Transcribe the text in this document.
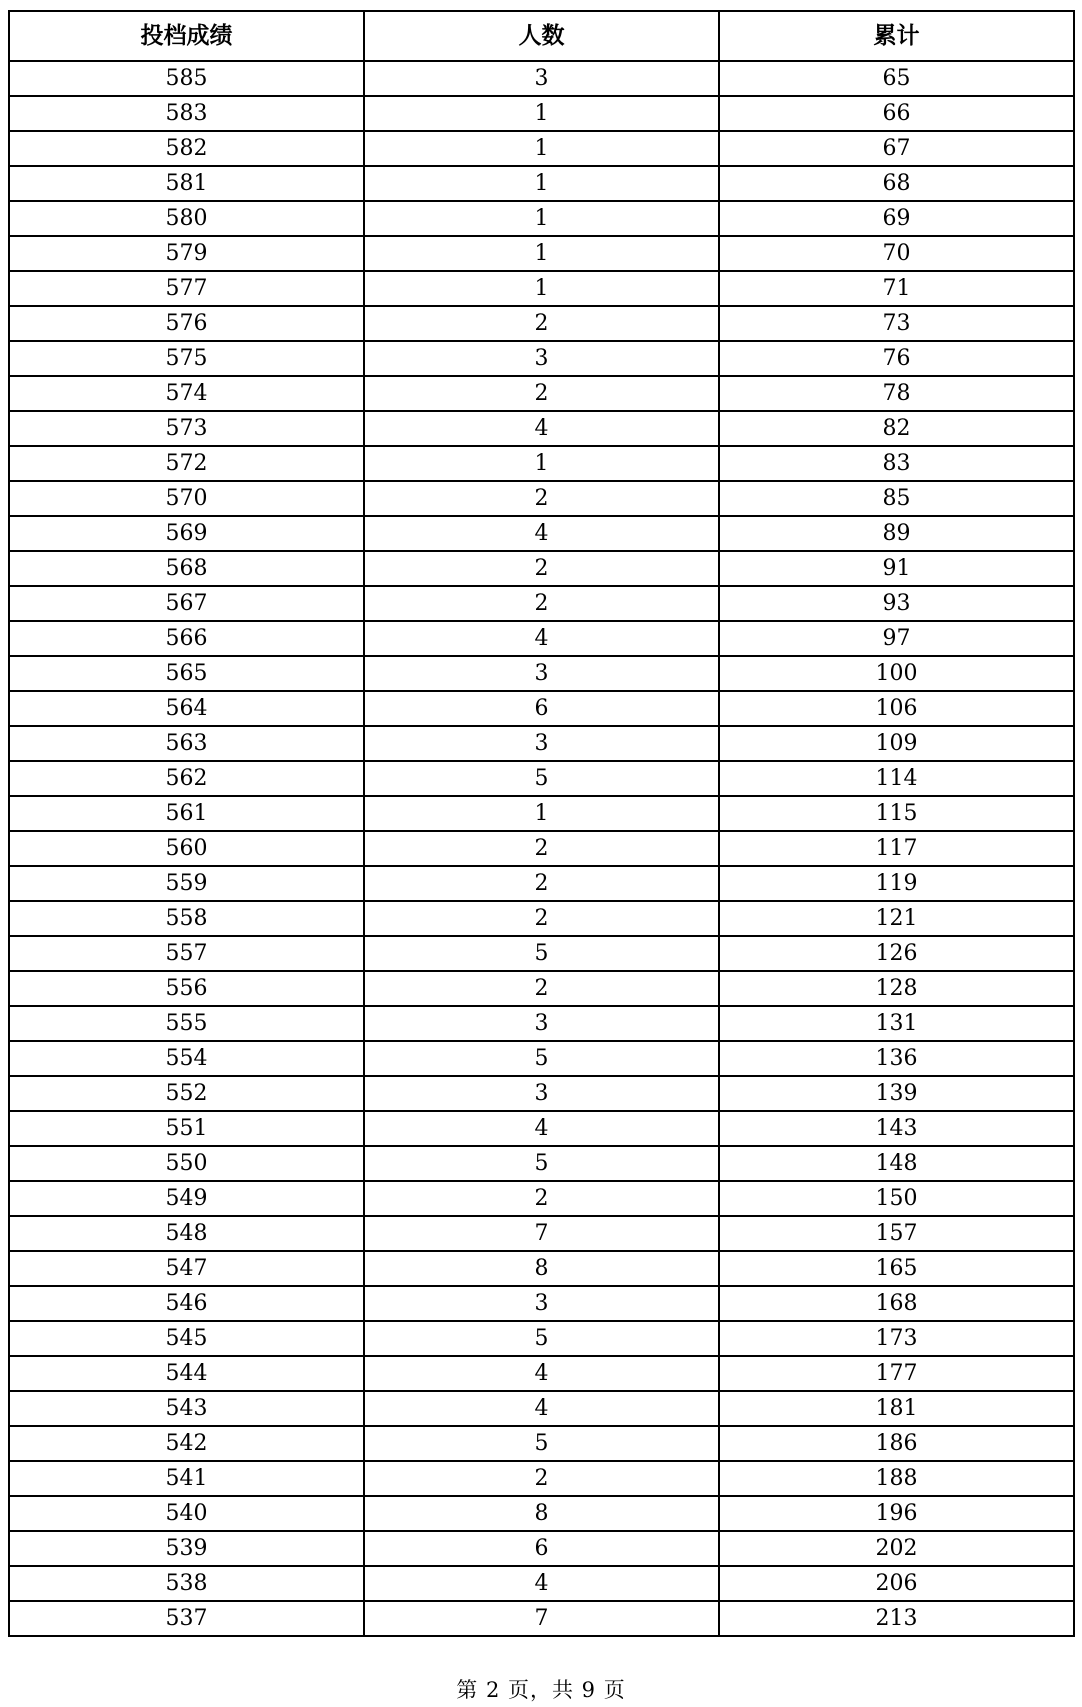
投档成绩	人数	累计
585	3	65
583	1	66
582	1	67
581	1	68
580	1	69
579	1	70
577	1	71
576	2	73
575	3	76
574	2	78
573	4	82
572	1	83
570	2	85
569	4	89
568	2	91
567	2	93
566	4	97
565	3	100
564	6	106
563	3	109
562	5	114
561	1	115
560	2	117
559	2	119
558	2	121
557	5	126
556	2	128
555	3	131
554	5	136
552	3	139
551	4	143
550	5	148
549	2	150
548	7	157
547	8	165
546	3	168
545	5	173
544	4	177
543	4	181
542	5	186
541	2	188
540	8	196
539	6	202
538	4	206
537	7	213
第 2 页，共 9 页
